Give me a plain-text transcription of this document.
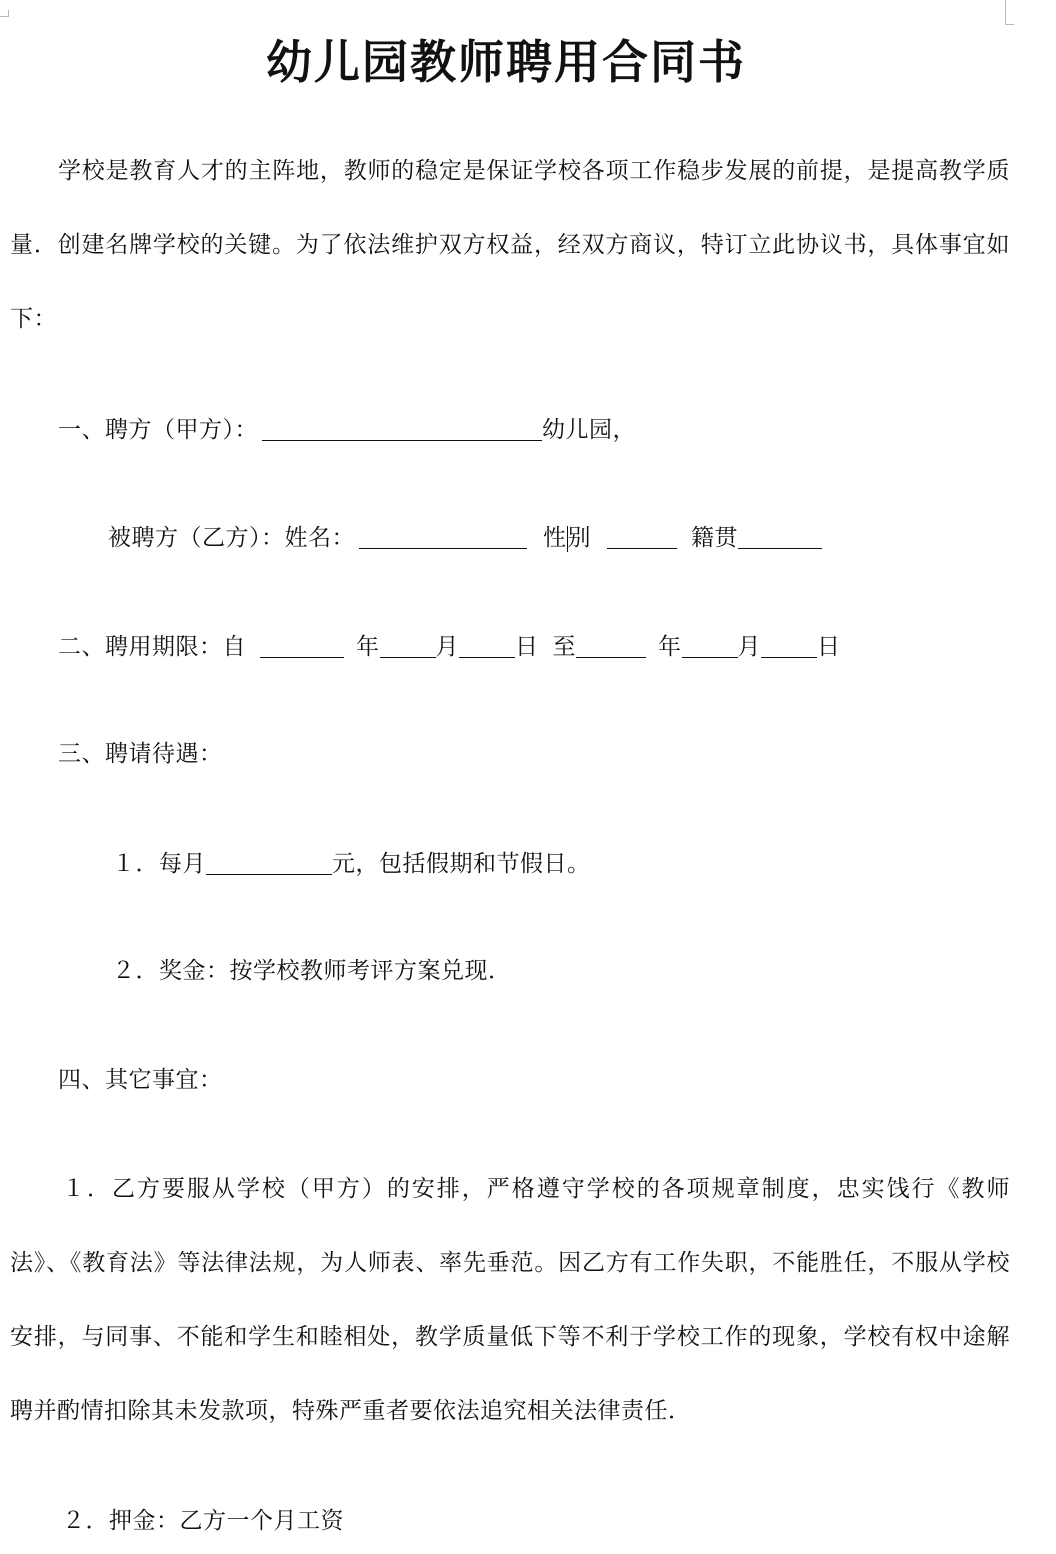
幼儿园教师聘用合同书
学校是教育人才的主阵地，教师的稳定是保证学校各项工作稳步发展的前提，是提高教学质量．创建名牌学校的关键。为了依法维护双方权益，经双方商议，特订立此协议书，具体事宜如下：
一、聘方（甲方）：	幼儿园，
被聘方（乙方）：姓名：	性别	籍贯
二、聘用期限：自	年 月 日 至	年 月 日
三、聘请待遇：
１．每月	元，包括假期和节假日。
２．奖金：按学校教师考评方案兑现．
四、其它事宜：
１．乙方要服从学校（甲方）的安排，严格遵守学校的各项规章制度，忠实饯行《教师法》、《教育法》等法律法规，为人师表、率先垂范。因乙方有工作失职，不能胜任，不服从学校安排，与同事、不能和学生和睦相处，教学质量低下等不利于学校工作的现象，学校有权中途解聘并酌情扣除其未发款项，特殊严重者要依法追究相关法律责任．
２．押金：乙方一个月工资
